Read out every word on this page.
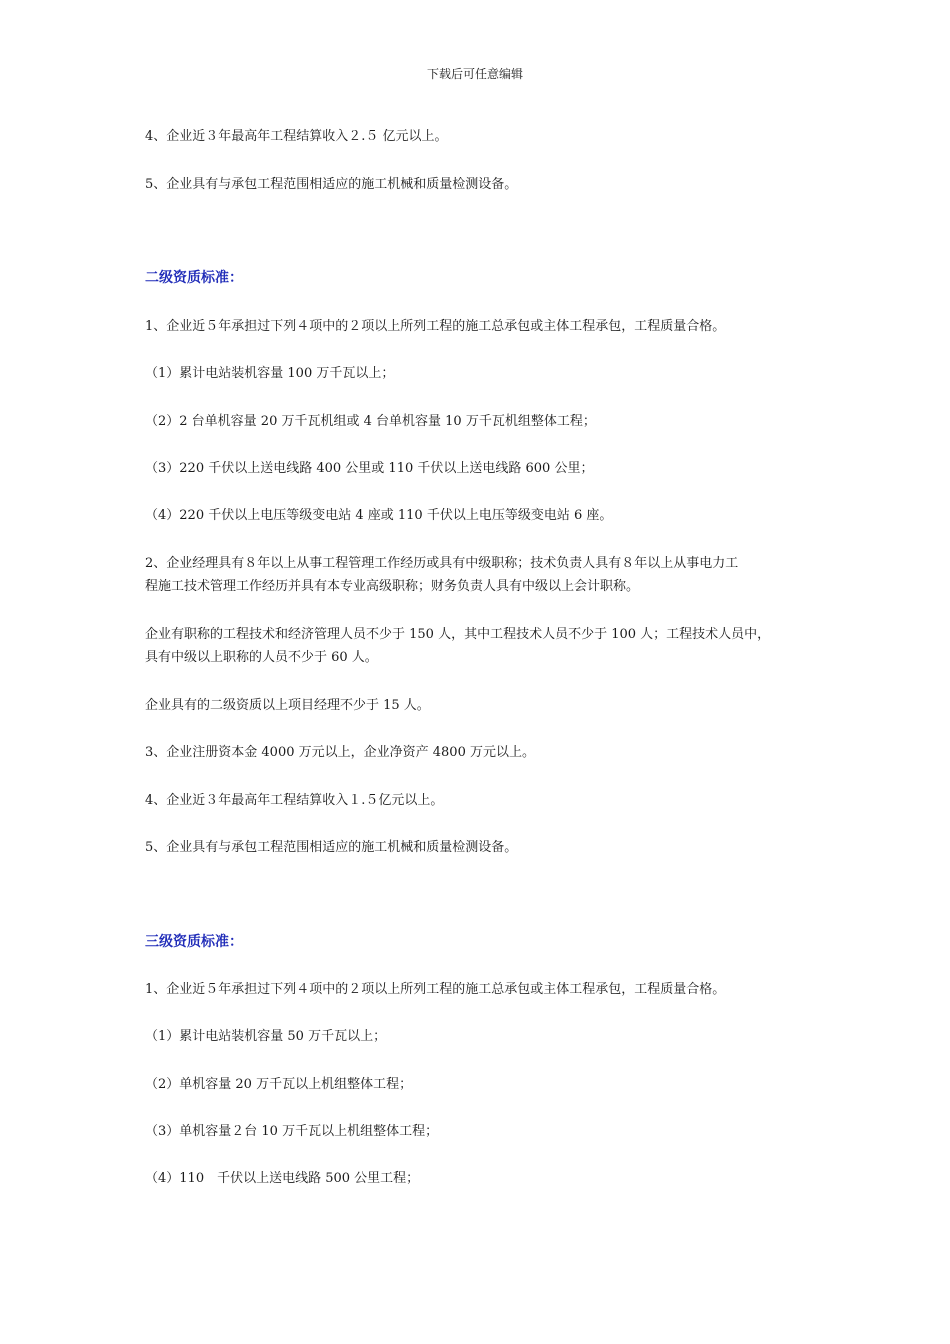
下载后可任意编辑
4、企业近３年最高年工程结算收入２.５ 亿元以上。
5、企业具有与承包工程范围相适应的施工机械和质量检测设备。
二级资质标准：
1、企业近５年承担过下列４项中的２项以上所列工程的施工总承包或主体工程承包，工程质量合格。
（1）累计电站装机容量 100 万千瓦以上；
（2）2 台单机容量 20 万千瓦机组或 4 台单机容量 10 万千瓦机组整体工程；
（3）220 千伏以上送电线路 400 公里或 110 千伏以上送电线路 600 公里；
（4）220 千伏以上电压等级变电站 4 座或 110 千伏以上电压等级变电站 6 座。
2、企业经理具有８年以上从事工程管理工作经历或具有中级职称；技术负责人具有８年以上从事电力工
程施工技术管理工作经历并具有本专业高级职称；财务负责人具有中级以上会计职称。
企业有职称的工程技术和经济管理人员不少于 150 人，其中工程技术人员不少于 100 人；工程技术人员中，
具有中级以上职称的人员不少于 60 人。
企业具有的二级资质以上项目经理不少于 15 人。
3、企业注册资本金 4000 万元以上，企业净资产 4800 万元以上。
4、企业近３年最高年工程结算收入１.５亿元以上。
5、企业具有与承包工程范围相适应的施工机械和质量检测设备。
三级资质标准：
1、企业近５年承担过下列４项中的２项以上所列工程的施工总承包或主体工程承包，工程质量合格。
（1）累计电站装机容量 50 万千瓦以上；
（2）单机容量 20 万千瓦以上机组整体工程；
（3）单机容量２台 10 万千瓦以上机组整体工程；
（4）110　千伏以上送电线路 500 公里工程；
